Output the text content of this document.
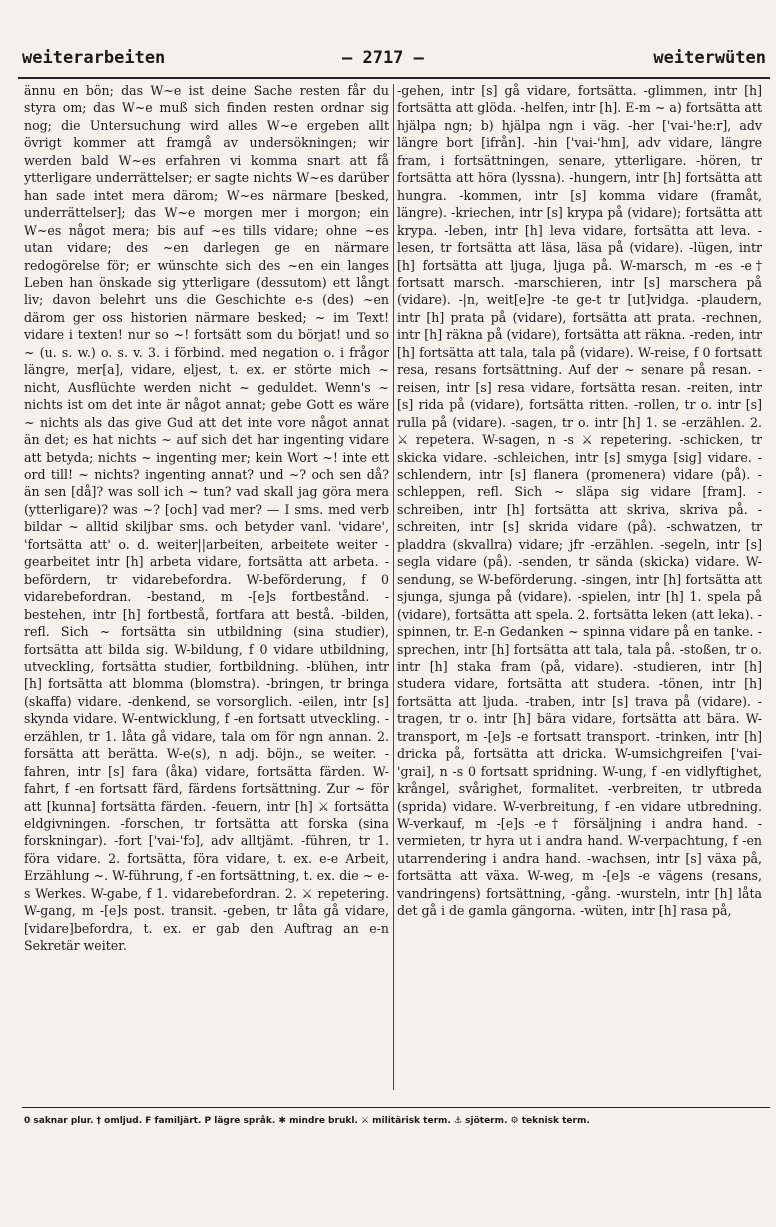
weiterarbeiten	— 2717 —	weiterwüten

ännu en bön; das W~e ist deine Sache resten får du styra om; das W~e muß sich finden resten ordnar sig nog; die Untersuchung wird alles W~e ergeben allt övrigt kommer att framgå av undersökningen; wir werden bald W~es erfahren vi komma snart att få ytterligare underrättelser; er sagte nichts W~es darüber han sade intet mera därom; W~es närmare [besked, underrättelser]; das W~e morgen mer i morgon; ein W~es något mera; bis auf ~es tills vidare; ohne ~es utan vidare; des ~en darlegen ge en närmare redogörelse för; er wünschte sich des ~en ein langes Leben han önskade sig ytterligare (dessutom) ett långt liv; davon belehrt uns die Geschichte e-s (des) ~en därom ger oss historien närmare besked; ~ im Text! vidare i texten! nur so ~! fortsätt som du börjat! und so ~ (u. s. w.) o. s. v. 3. i förbind. med negation o. i frågor längre, mer[a], vidare, eljest, t. ex. er störte mich ~ nicht, Ausflüchte werden nicht ~ geduldet. Wenn's ~ nichts ist om det inte är något annat; gebe Gott es wäre ~ nichts als das give Gud att det inte vore något annat än det; es hat nichts ~ auf sich det har ingenting vidare att betyda; nichts ~ ingenting mer; kein Wort ~! inte ett ord till! ~ nichts? ingenting annat? und ~? och sen då? än sen [då]? was soll ich ~ tun? vad skall jag göra mera (ytterligare)? was ~? [och] vad mer? — I sms. med verb bildar ~ alltid skiljbar sms. och betyder vanl. 'vidare', 'fortsätta att' o. d. weiter||arbeiten, arbeitete weiter -gearbeitet intr [h] arbeta vidare, fortsätta att arbeta. -befördern, tr vidarebefordra. W-beförderung, f 0 vidarebefordran. -bestand, m -[e]s fortbestånd. -bestehen, intr [h] fortbestå, fortfara att bestå. -bilden, refl. Sich ~ fortsätta sin utbildning (sina studier), fortsätta att bilda sig. W-bildung, f 0 vidare utbildning, utveckling, fortsätta studier, fortbildning. -blühen, intr [h] fortsätta att blomma (blomstra). -bringen, tr bringa (skaffa) vidare. -denkend, se vorsorglich. -eilen, intr [s] skynda vidare. W-entwicklung, f -en fortsatt utveckling. -erzählen, tr 1. låta gå vidare, tala om för ngn annan. 2. forsätta att berätta. W-e(s), n adj. böjn., se weiter. -fahren, intr [s] fara (åka) vidare, fortsätta färden. W-fahrt, f -en fortsatt färd, färdens fortsättning. Zur ~ för att [kunna] fortsätta färden. -feuern, intr [h] ⚔ fortsätta eldgivningen. -forschen, tr fortsätta att forska (sina forskningar). -fort ['vai-'fɔ], adv alltjämt. -führen, tr 1. föra vidare. 2. fortsätta, föra vidare, t. ex. e-e Arbeit, Erzählung ~. W-führung, f -en fortsättning, t. ex. die ~ e-s Werkes. W-gabe, f 1. vidarebefordran. 2. ⚔ repetering. W-gang, m -[e]s post. transit. -geben, tr låta gå vidare, [vidare]befordra, t. ex. er gab den Auftrag an e-n Sekretär weiter.

-gehen, intr [s] gå vidare, fortsätta. -glimmen, intr [h] fortsätta att glöda. -helfen, intr [h]. E-m ~ a) fortsätta att hjälpa ngn; b) hjälpa ngn i väg. -her ['vai-'he:r], adv längre bort [ifrån]. -hin ['vai-'hɪn], adv vidare, längre fram, i fortsättningen, senare, ytterligare. -hören, tr fortsätta att höra (lyssna). -hungern, intr [h] fortsätta att hungra. -kommen, intr [s] komma vidare (framåt, längre). -kriechen, intr [s] krypa på (vidare); fortsätta att krypa. -leben, intr [h] leva vidare, fortsätta att leva. -lesen, tr fortsätta att läsa, läsa på (vidare). -lügen, intr [h] fortsätta att ljuga, ljuga på. W-marsch, m -es -e† fortsatt marsch. -marschieren, intr [s] marschera på (vidare). -|n, weit[e]re -te ge-t tr [ut]vidga. -plaudern, intr [h] prata på (vidare), fortsätta att prata. -rechnen, intr [h] räkna på (vidare), fortsätta att räkna. -reden, intr [h] fortsätta att tala, tala på (vidare). W-reise, f 0 fortsatt resa, resans fortsättning. Auf der ~ senare på resan. -reisen, intr [s] resa vidare, fortsätta resan. -reiten, intr [s] rida på (vidare), fortsätta ritten. -rollen, tr o. intr [s] rulla på (vidare). -sagen, tr o. intr [h] 1. se -erzählen. 2. ⚔ repetera. W-sagen, n -s ⚔ repetering. -schicken, tr skicka vidare. -schleichen, intr [s] smyga [sig] vidare. -schlendern, intr [s] flanera (promenera) vidare (på). -schleppen, refl. Sich ~ släpa sig vidare [fram]. -schreiben, intr [h] fortsätta att skriva, skriva på. -schreiten, intr [s] skrida vidare (på). -schwatzen, tr pladdra (skvallra) vidare; jfr -erzählen. -segeln, intr [s] segla vidare (på). -senden, tr sända (skicka) vidare. W-sendung, se W-beförderung. -singen, intr [h] fortsätta att sjunga, sjunga på (vidare). -spielen, intr [h] 1. spela på (vidare), fortsätta att spela. 2. fortsätta leken (att leka). -spinnen, tr. E-n Gedanken ~ spinna vidare på en tanke. -sprechen, intr [h] fortsätta att tala, tala på. -stoßen, tr o. intr [h] staka fram (på, vidare). -studieren, intr [h] studera vidare, fortsätta att studera. -tönen, intr [h] fortsätta att ljuda. -traben, intr [s] trava på (vidare). -tragen, tr o. intr [h] bära vidare, fortsätta att bära. W-transport, m -[e]s -e fortsatt transport. -trinken, intr [h] dricka på, fortsätta att dricka. W-umsichgreifen ['vai-'grai], n -s 0 fortsatt spridning. W-ung, f -en vidlyftighet, krångel, svårighet, formalitet. -verbreiten, tr utbreda (sprida) vidare. W-verbreitung, f -en vidare utbredning. W-verkauf, m -[e]s -e† försäljning i andra hand. -vermieten, tr hyra ut i andra hand. W-verpachtung, f -en utarrendering i andra hand. -wachsen, intr [s] växa på, fortsätta att växa. W-weg, m -[e]s -e vägens (resans, vandringens) fortsättning, -gång. -wursteln, intr [h] låta det gå i de gamla gängorna. -wüten, intr [h] rasa på,

0 saknar plur. † omljud. F familjärt. P lägre språk. ✱ mindre brukl. ⚔ militärisk term. ⚓ sjöterm. ⚙ teknisk term.
